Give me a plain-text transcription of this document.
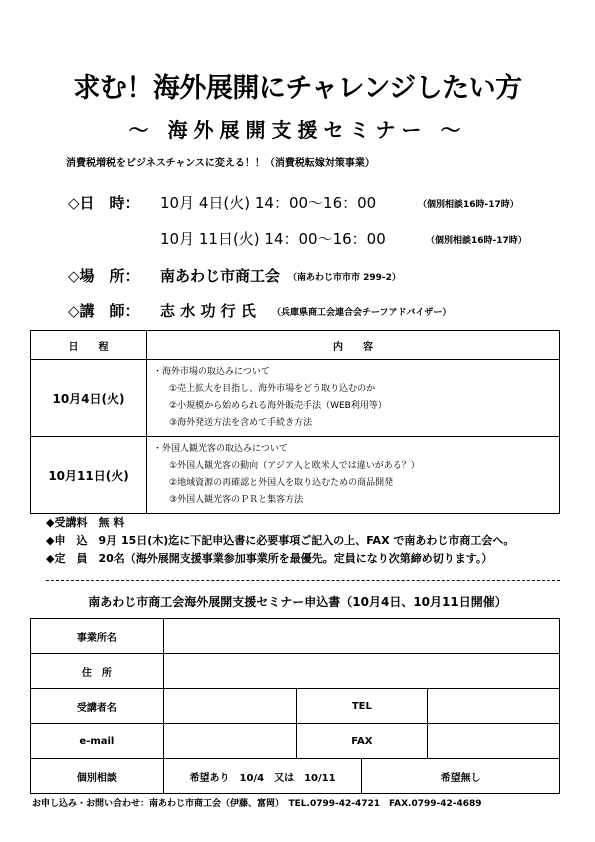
求む！海外展開にチャレンジしたい方
～ 海外展開支援セミナー ～
消費税増税をビジネスチャンスに変える！！（消費税転嫁対策事業）
◇日　時： 10月 4日(火) 14：00～16：00	（個別相談16時-17時）
10月 11日(火) 14：00～16：00	（個別相談16時-17時）
◇場　所： 南あわじ市商工会 （南あわじ市市市 299-2）
◇講　師： 志 水 功 行 氏 （兵庫県商工会連合会チーフアドバイザー）
日　　程	内　　容
10月4日(火)	・海外市場の取込みについて
①売上拡大を目指し、海外市場をどう取り込むのか
②小規模から始められる海外販売手法（WEB利用等）
③海外発送方法を含めて手続き方法

10月11日(火)	・外国人観光客の取込みについて
①外国人観光客の動向（アジア人と欧米人では違いがある？）
②地域資源の再確認と外国人を取り込むための商品開発
③外国人観光客のＰＲと集客方法
◆受講料　無 料
◆申　込　9月 15日(木)迄に下記申込書に必要事項ご記入の上、FAX で南あわじ市商工会へ。
◆定　員　20名（海外展開支援事業参加事業所を最優先。定員になり次第締め切ります。）
南あわじ市商工会海外展開支援セミナー申込書（10月4日、10月11日開催）
事業所名				
住　所				
受講者名		TEL		
e-mail		FAX		
個別相談	希望あり　10/4　又は　10/11		希望無し	
お申し込み・お問い合わせ：南あわじ市商工会（伊藤、富岡）　TEL.0799-42-4721　FAX.0799-42-4689
